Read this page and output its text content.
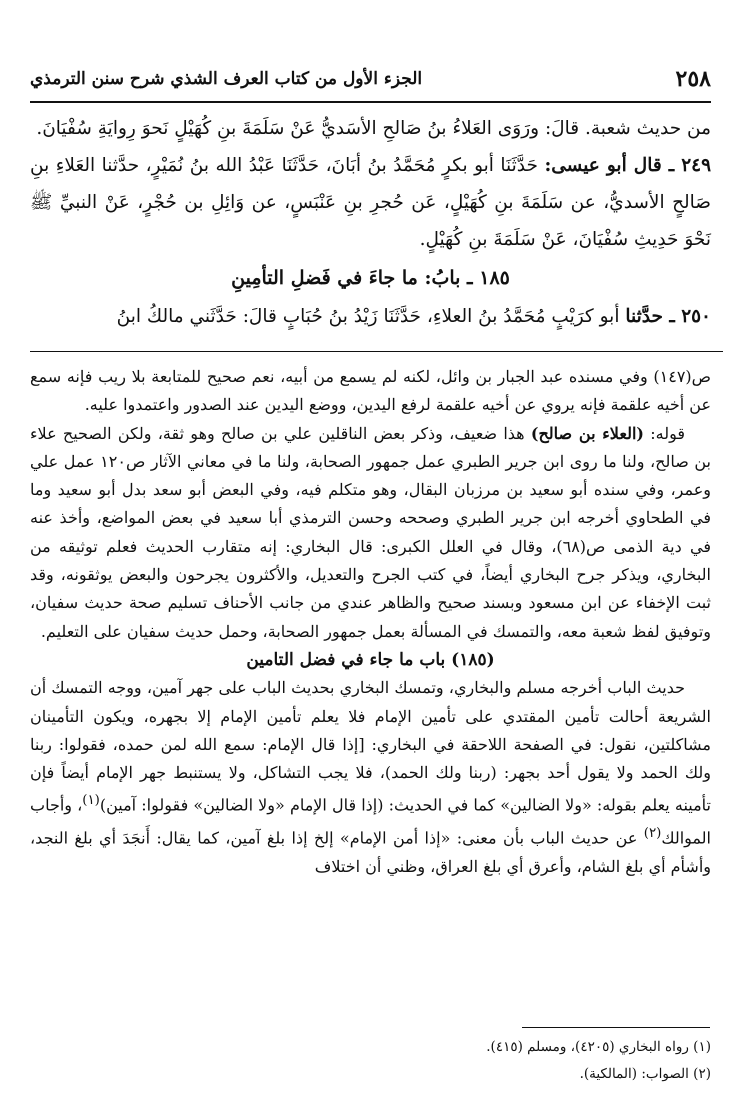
٢٥٨
الجزء الأول من كتاب العرف الشذي شرح سنن الترمذي

من حديث شعبة. قالَ: ورَوَى العَلاءُ بنُ صَالحِ الأسَديُّ عَنْ سَلَمَةَ بنِ كُهَيْلٍ نَحوَ رِوايَةِ سُفْيَانَ.

٢٤٩ ـ قال أبو عيسى: حَدَّثَنَا أبو بكرٍ مُحَمَّدُ بنُ أبَانَ، حَدَّثَنَا عَبْدُ الله بنُ نُمَيْرٍ، حدَّثنا العَلاءِ بنِ صَالحٍ الأسديُّ، عن سَلَمَةَ بنِ كُهَيْلٍ، عَن حُجرِ بنِ عَنْبَسٍ، عن وَائِلِ بن حُجْرٍ، عَنْ النبيِّ ﷺ نَحْوَ حَدِيثِ سُفْيَانَ، عَنْ سَلَمَةَ بنِ كُهَيْلٍ.

١٨٥ ـ بابُ: ما جاءَ في فَضلِ التأمِينِ

٢٥٠ ـ حدَّثنا أبو كرَيْبٍ مُحَمَّدُ بنُ العلاءِ، حَدَّثَنَا زَيْدُ بنُ حُبَابٍ قالَ: حَدَّثَني مالكُ ابنُ

ص(١٤٧) وفي مسنده عبد الجبار بن وائل، لكنه لم يسمع من أبيه، نعم صحيح للمتابعة بلا ريب فإنه سمع عن أخيه علقمة فإنه يروي عن أخيه علقمة لرفع اليدين، ووضع اليدين عند الصدور واعتمدوا عليه.

قوله: (العلاء بن صالح) هذا ضعيف، وذكر بعض الناقلين علي بن صالح وهو ثقة، ولكن الصحيح علاء بن صالح، ولنا ما روى ابن جرير الطبري عمل جمهور الصحابة، ولنا ما في معاني الآثار ص١٢٠ عمل علي وعمر، وفي سنده أبو سعيد بن مرزبان البقال، وهو متكلم فيه، وفي البعض أبو سعد بدل أبو سعيد وما في الطحاوي أخرجه ابن جرير الطبري وصححه وحسن الترمذي أبا سعيد في بعض المواضع، وأخذ عنه في دية الذمى ص(٦٨)، وقال في العلل الكبرى: قال البخاري: إنه متقارب الحديث فعلم توثيقه من البخاري، ويذكر جرح البخاري أيضاً، في كتب الجرح والتعديل، والأكثرون يجرحون والبعض يوثقونه، وقد ثبت الإخفاء عن ابن مسعود وبسند صحيح والظاهر عندي من جانب الأحناف تسليم صحة حديث سفيان، وتوفيق لفظ شعبة معه، والتمسك في المسألة بعمل جمهور الصحابة، وحمل حديث سفيان على التعليم.

(١٨٥) باب ما جاء في فضل التامين

حديث الباب أخرجه مسلم والبخاري، وتمسك البخاري بحديث الباب على جهر آمين، ووجه التمسك أن الشريعة أحالت تأمين المقتدي على تأمين الإمام فلا يعلم تأمين الإمام إلا بجهره، ويكون التأمينان مشاكلتين، نقول: في الصفحة اللاحقة في البخاري: [إذا قال الإمام: سمع الله لمن حمده، فقولوا: ربنا ولك الحمد ولا يقول أحد بجهر: (ربنا ولك الحمد)، فلا يجب التشاكل، ولا يستنبط جهر الإمام أيضاً فإن تأمينه يعلم بقوله: «ولا الضالين» كما في الحديث: (إذا قال الإمام «ولا الضالين» فقولوا: آمين)$^{(١)}$، وأجاب الموالك$^{(٢)}$ عن حديث الباب بأن معنى: «إذا أمن الإمام» إلخ إذا بلغ آمين، كما يقال: أَنجَدَ أي بلغ النجد، وأشأم أي بلغ الشام، وأعرق أي بلغ العراق، وظني أن اختلاف

(١) رواه البخاري (٤٢٠٥)، ومسلم (٤١٥).

(٢) الصواب: (المالكية).
